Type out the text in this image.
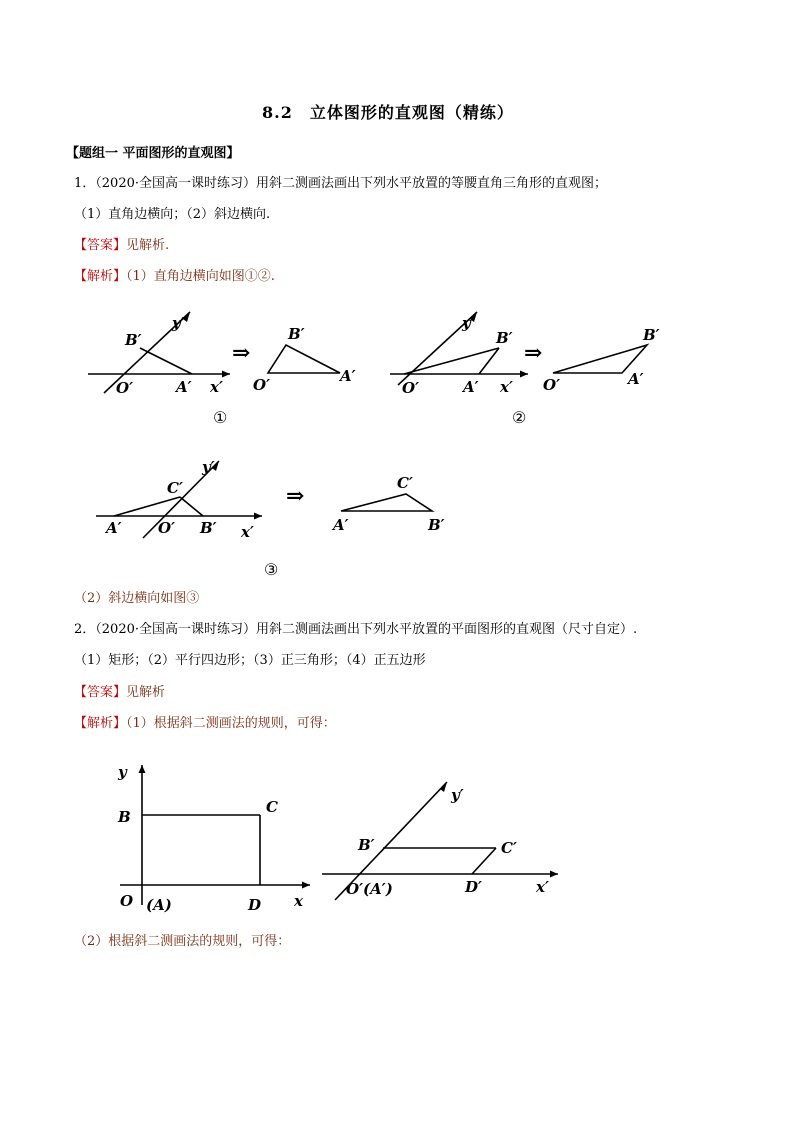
8.2　立体图形的直观图（精练）
【题组一 平面图形的直观图】
1．（2020·全国高一课时练习）用斜二测画法画出下列水平放置的等腰直角三角形的直观图；
（1）直角边横向；（2）斜边横向.
【答案】见解析.
【解析】（1）直角边横向如图①②.
B′
y′
O′	A′ x′
⇒
B′
O′	A′
①
y′
B′
O′	A′ x′
⇒
B′
O′	A′
②
y′
C′
A′ O′ B′ x′
⇒	C′
A′	B′
③
（2）斜边横向如图③
2．（2020·全国高一课时练习）用斜二测画法画出下列水平放置的平面图形的直观图（尺寸自定）.
（1）矩形；（2）平行四边形；（3）正三角形；（4）正五边形
【答案】见解析
【解析】（1）根据斜二测画法的规则，可得：
y
B
C
O (A)	D x
y′
B′	C′
O′(A′)	D′	x′
（2）根据斜二测画法的规则，可得：
